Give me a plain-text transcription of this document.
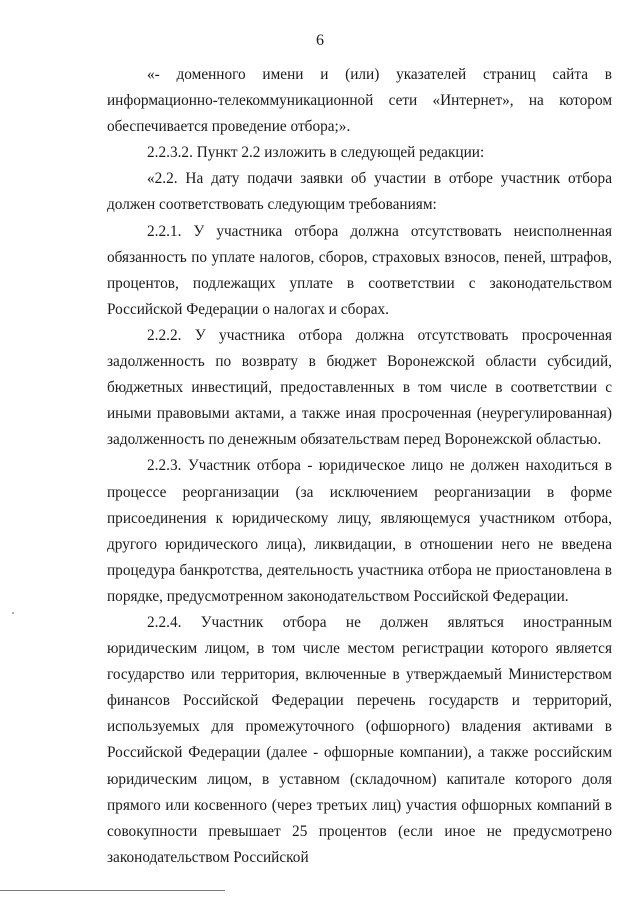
6

«- доменного имени и (или) указателей страниц сайта в информационно-телекоммуникационной сети «Интернет», на котором обеспечивается проведение отбора;».

2.2.3.2. Пункт 2.2 изложить в следующей редакции:

«2.2. На дату подачи заявки об участии в отборе участник отбора должен соответствовать следующим требованиям:

2.2.1. У участника отбора должна отсутствовать неисполненная обязанность по уплате налогов, сборов, страховых взносов, пеней, штрафов, процентов, подлежащих уплате в соответствии с законодательством Российской Федерации о налогах и сборах.

2.2.2. У участника отбора должна отсутствовать просроченная задолженность по возврату в бюджет Воронежской области субсидий, бюджетных инвестиций, предоставленных в том числе в соответствии с иными правовыми актами, а также иная просроченная (неурегулированная) задолженность по денежным обязательствам перед Воронежской областью.

2.2.3. Участник отбора - юридическое лицо не должен находиться в процессе реорганизации (за исключением реорганизации в форме присоединения к юридическому лицу, являющемуся участником отбора, другого юридического лица), ликвидации, в отношении него не введена процедура банкротства, деятельность участника отбора не приостановлена в порядке, предусмотренном законодательством Российской Федерации.

2.2.4. Участник отбора не должен являться иностранным юридическим лицом, в том числе местом регистрации которого является государство или территория, включенные в утверждаемый Министерством финансов Российской Федерации перечень государств и территорий, используемых для промежуточного (офшорного) владения активами в Российской Федерации (далее - офшорные компании), а также российским юридическим лицом, в уставном (складочном) капитале которого доля прямого или косвенного (через третьих лиц) участия офшорных компаний в совокупности превышает 25 процентов (если иное не предусмотрено законодательством Российской
